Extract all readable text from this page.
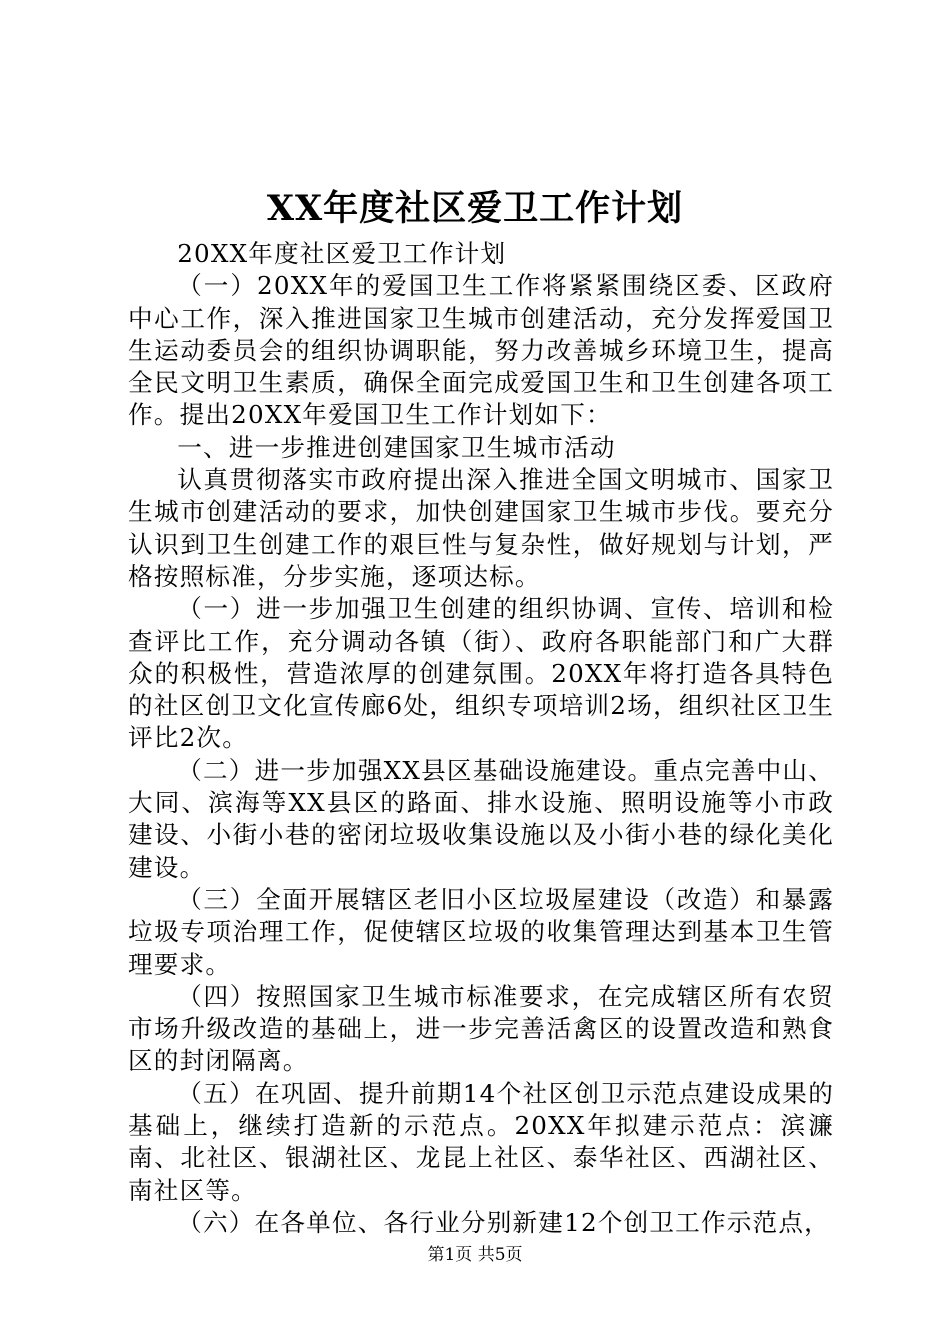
XX年度社区爱卫工作计划

20XX年度社区爱卫工作计划

（一）20XX年的爱国卫生工作将紧紧围绕区委、区政府中心工作，深入推进国家卫生城市创建活动，充分发挥爱国卫生运动委员会的组织协调职能，努力改善城乡环境卫生，提高全民文明卫生素质，确保全面完成爱国卫生和卫生创建各项工作。提出20XX年爱国卫生工作计划如下：

一、进一步推进创建国家卫生城市活动

认真贯彻落实市政府提出深入推进全国文明城市、国家卫生城市创建活动的要求，加快创建国家卫生城市步伐。要充分认识到卫生创建工作的艰巨性与复杂性，做好规划与计划，严格按照标准，分步实施，逐项达标。

（一）进一步加强卫生创建的组织协调、宣传、培训和检查评比工作，充分调动各镇（街）、政府各职能部门和广大群众的积极性，营造浓厚的创建氛围。20XX年将打造各具特色的社区创卫文化宣传廊6处，组织专项培训2场，组织社区卫生评比2次。

（二）进一步加强XX县区基础设施建设。重点完善中山、大同、滨海等XX县区的路面、排水设施、照明设施等小市政建设、小街小巷的密闭垃圾收集设施以及小街小巷的绿化美化建设。

（三）全面开展辖区老旧小区垃圾屋建设（改造）和暴露垃圾专项治理工作，促使辖区垃圾的收集管理达到基本卫生管理要求。

（四）按照国家卫生城市标准要求，在完成辖区所有农贸市场升级改造的基础上，进一步完善活禽区的设置改造和熟食区的封闭隔离。

（五）在巩固、提升前期14个社区创卫示范点建设成果的基础上，继续打造新的示范点。20XX年拟建示范点：滨濂南、北社区、银湖社区、龙昆上社区、泰华社区、西湖社区、南社区等。

（六）在各单位、各行业分别新建12个创卫工作示范点，

第1页 共5页
